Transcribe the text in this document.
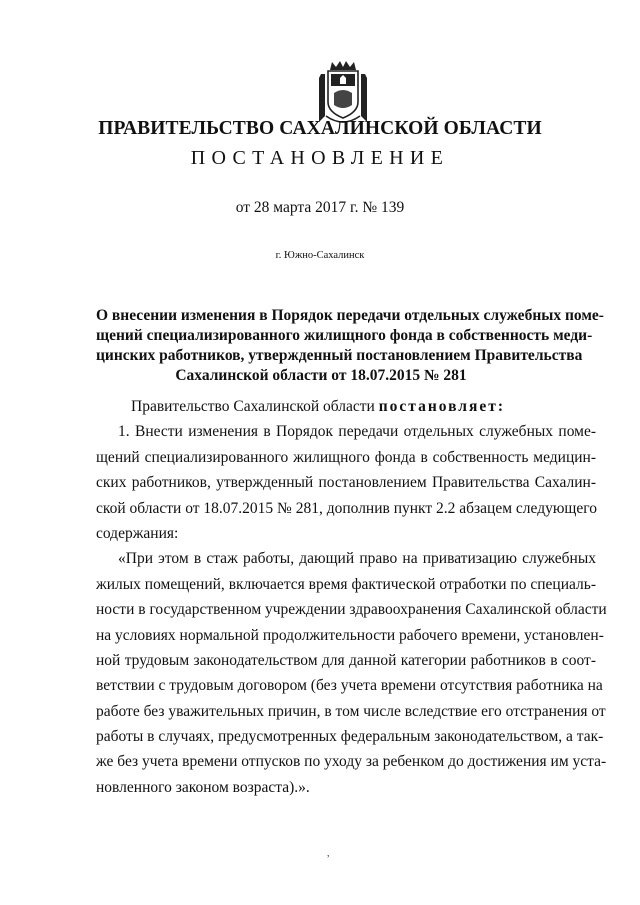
ПРАВИТЕЛЬСТВО САХАЛИНСКОЙ ОБЛАСТИ
ПОСТАНОВЛЕНИЕ
от 28 марта 2017 г. № 139
г. Южно-Сахалинск
О внесении изменения в Порядок передачи отдельных служебных поме-
щений специализированного жилищного фонда в собственность меди-
цинских работников, утвержденный постановлением Правительства
Сахалинской области от 18.07.2015 № 281
Правительство Сахалинской области постановляет:
1. Внести изменения в Порядок передачи отдельных служебных поме-
щений специализированного жилищного фонда в собственность медицин-
ских работников, утвержденный постановлением Правительства Сахалин-
ской области от 18.07.2015 № 281, дополнив пункт 2.2 абзацем следующего
содержания:
«При этом в стаж работы, дающий право на приватизацию служебных
жилых помещений, включается время фактической отработки по специаль-
ности в государственном учреждении здравоохранения Сахалинской области
на условиях нормальной продолжительности рабочего времени, установлен-
ной трудовым законодательством для данной категории работников в соот-
ветствии с трудовым договором (без учета времени отсутствия работника на
работе без уважительных причин, в том числе вследствие его отстранения от
работы в случаях, предусмотренных федеральным законодательством, а так-
же без учета времени отпусков по уходу за ребенком до достижения им уста-
новленного законом возраста).».
,
